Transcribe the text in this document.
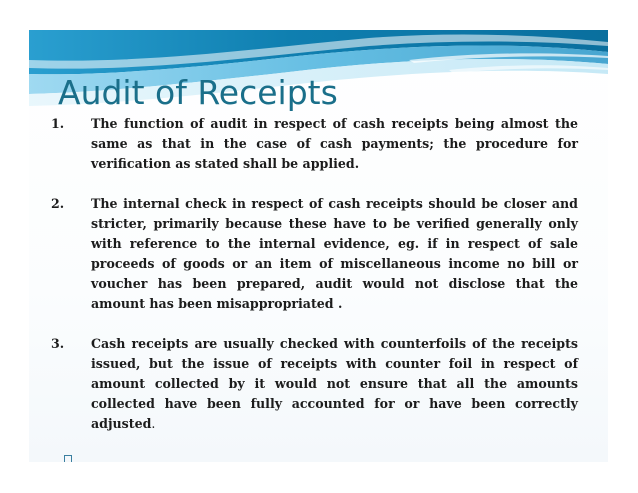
Audit of Receipts
1.	The function of audit in respect of cash receipts being almost the same as that in the case of cash payments; the procedure for verification as stated shall be applied.
2.	The internal check in respect of cash receipts should be closer and stricter, primarily because these have to be verified generally only with reference to the internal evidence, eg. if in respect of sale proceeds of goods or an item of miscellaneous income no bill or voucher has been prepared, audit would not disclose that the amount has been misappropriated .
3.	Cash receipts are usually checked with counterfoils of the receipts issued, but the issue of receipts with counter foil in respect of amount collected by it would not ensure that all the amounts collected have been fully accounted for or have been correctly adjusted.
